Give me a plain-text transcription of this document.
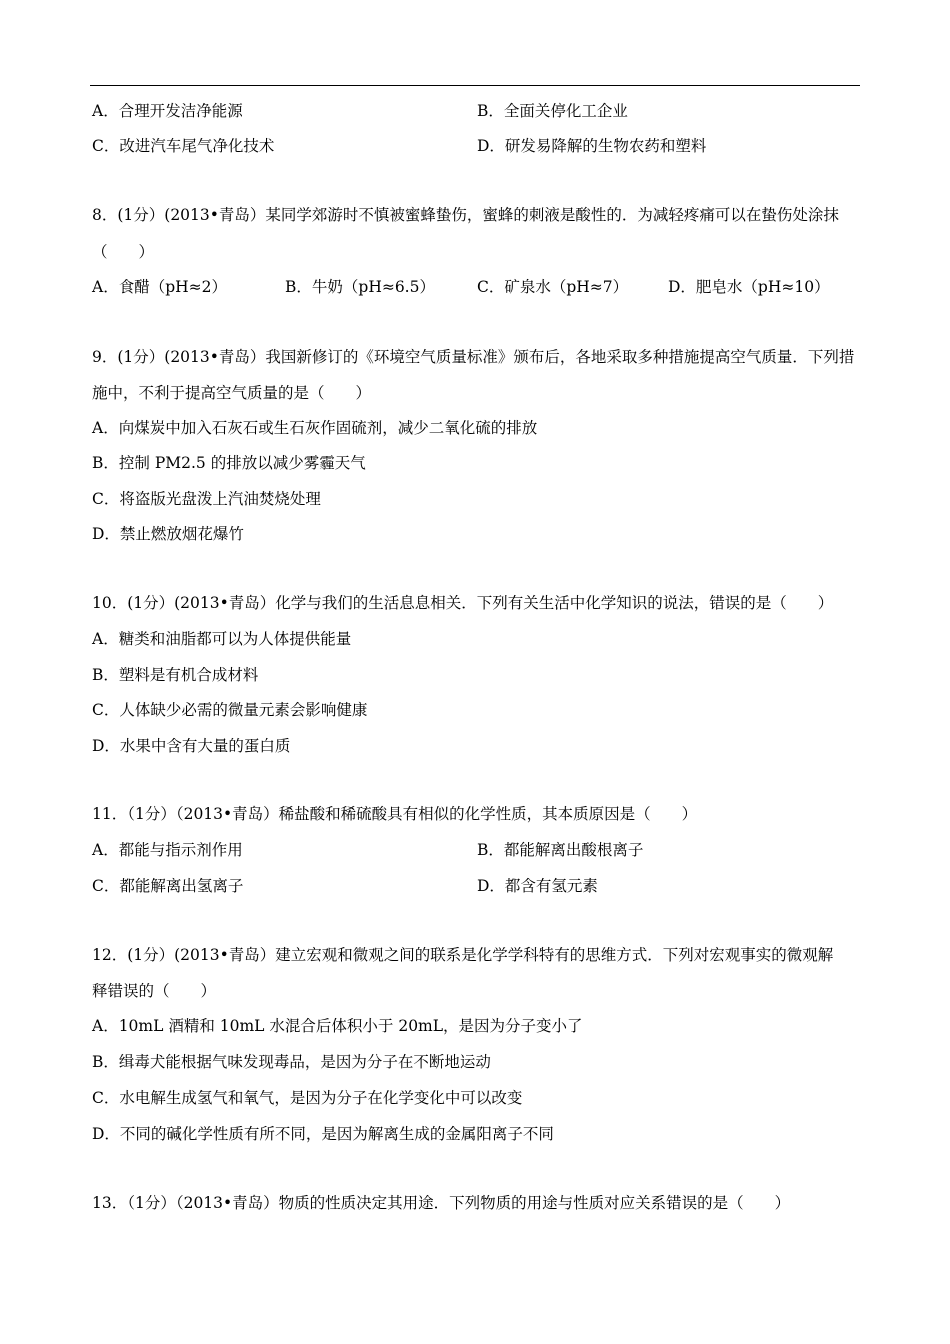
A．合理开发洁净能源	B．全面关停化工企业
C．改进汽车尾气净化技术	D．研发易降解的生物农药和塑料
8．(1分）(2013•青岛）某同学郊游时不慎被蜜蜂蛰伤，蜜蜂的刺液是酸性的．为减轻疼痛可以在蛰伤处涂抹
（　　）
A．食醋（pH≈2）	B．牛奶（pH≈6.5）	C．矿泉水（pH≈7）	D．肥皂水（pH≈10）
9．(1分）(2013•青岛）我国新修订的《环境空气质量标准》颁布后，各地采取多种措施提高空气质量．下列措
施中，不利于提高空气质量的是（　　）
A．向煤炭中加入石灰石或生石灰作固硫剂，减少二氧化硫的排放
B．控制 PM2.5 的排放以减少雾霾天气
C．将盗版光盘泼上汽油焚烧处理
D．禁止燃放烟花爆竹
10．(1分）(2013•青岛）化学与我们的生活息息相关．下列有关生活中化学知识的说法，错误的是（　　）
A．糖类和油脂都可以为人体提供能量
B．塑料是有机合成材料
C．人体缺少必需的微量元素会影响健康
D．水果中含有大量的蛋白质
11．（1分）（2013•青岛）稀盐酸和稀硫酸具有相似的化学性质，其本质原因是（　　）
A．都能与指示剂作用	B．都能解离出酸根离子
C．都能解离出氢离子	D．都含有氢元素
12．(1分）(2013•青岛）建立宏观和微观之间的联系是化学学科特有的思维方式．下列对宏观事实的微观解
释错误的（　　）
A．10mL 酒精和 10mL 水混合后体积小于 20mL，是因为分子变小了
B．缉毒犬能根据气味发现毒品，是因为分子在不断地运动
C．水电解生成氢气和氧气，是因为分子在化学变化中可以改变
D．不同的碱化学性质有所不同，是因为解离生成的金属阳离子不同
13．（1分）（2013•青岛）物质的性质决定其用途．下列物质的用途与性质对应关系错误的是（　　）
